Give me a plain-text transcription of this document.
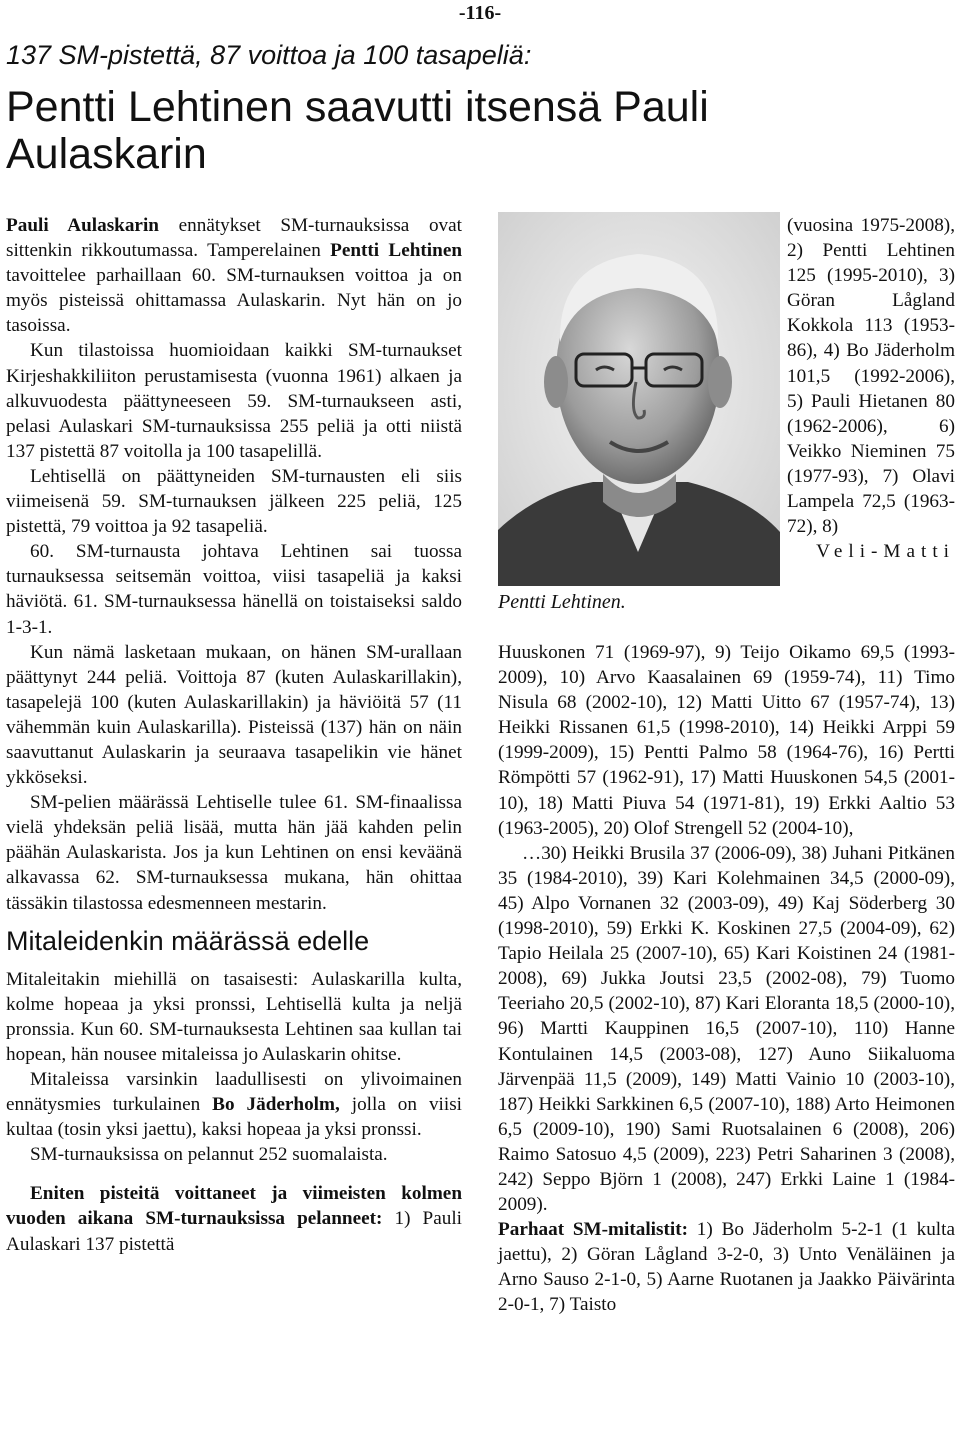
-116-
137 SM-pistettä, 87 voittoa ja 100 tasapeliä:
Pentti Lehtinen saavutti itsensä Pauli Aulaskarin

Pauli Aulaskarin ennätykset SM-turnauksissa ovat sittenkin rikkoutumassa. Tamperelainen Pentti Lehtinen tavoittelee parhaillaan 60. SM-turnauksen voittoa ja on myös pisteissä ohittamassa Aulaskarin. Nyt hän on jo tasoissa.

Kun tilastoissa huomioidaan kaikki SM-turnaukset Kirjeshakkiliiton perustamisesta (vuonna 1961) alkaen ja alkuvuodesta päättyneeseen 59. SM-turnaukseen asti, pelasi Aulaskari SM-turnauksissa 255 peliä ja otti niistä 137 pistettä 87 voitolla ja 100 tasapelillä.

Lehtisellä on päättyneiden SM-turnausten eli siis viimeisenä 59. SM-turnauksen jälkeen 225 peliä, 125 pistettä, 79 voittoa ja 92 tasapeliä.

60. SM-turnausta johtava Lehtinen sai tuossa turnauksessa seitsemän voittoa, viisi tasapeliä ja kaksi häviötä. 61. SM-turnauksessa hänellä on toistaiseksi saldo 1-3-1.

Kun nämä lasketaan mukaan, on hänen SM-urallaan päättynyt 244 peliä. Voittoja 87 (kuten Aulaskarillakin), tasapelejä 100 (kuten Aulaskarillakin) ja häviöitä 57 (11 vähemmän kuin Aulaskarilla). Pisteissä (137) hän on näin saavuttanut Aulaskarin ja seuraava tasapelikin vie hänet ykköseksi.

SM-pelien määrässä Lehtiselle tulee 61. SM-finaalissa vielä yhdeksän peliä lisää, mutta hän jää kahden pelin päähän Aulaskarista. Jos ja kun Lehtinen on ensi keväänä alkavassa 62. SM-turnauksessa mukana, hän ohittaa tässäkin tilastossa edesmenneen mestarin.

Mitaleidenkin määrässä edelle

Mitaleitakin miehillä on tasaisesti: Aulaskarilla kulta, kolme hopeaa ja yksi pronssi, Lehtisellä kulta ja neljä pronssia. Kun 60. SM-turnauksesta Lehtinen saa kullan tai hopean, hän nousee mitaleissa jo Aulaskarin ohitse.

Mitaleissa varsinkin laadullisesti on ylivoimainen ennätysmies turkulainen Bo Jäderholm, jolla on viisi kultaa (tosin yksi jaettu), kaksi hopeaa ja yksi pronssi.

SM-turnauksissa on pelannut 252 suomalaista.

Eniten pisteitä voittaneet ja viimeisten kolmen vuoden aikana SM-turnauksissa pelanneet: 1) Pauli Aulaskari 137 pistettä

Pentti Lehtinen.
(vuosina 1975-2008), 2) Pentti Lehtinen 125 (1995-2010), 3) Göran Lågland Kokkola 113 (1953-86), 4) Bo Jäderholm 101,5 (1992-2006), 5) Pauli Hietanen 80 (1962-2006), 6) Veikko Nieminen 75 (1977-93), 7) Olavi Lampela 72,5 (1963-72), 8)
Veli-Matti

Huuskonen 71 (1969-97), 9) Teijo Oikamo 69,5 (1993-2009), 10) Arvo Kaasalainen 69 (1959-74), 11) Timo Nisula 68 (2002-10), 12) Matti Uitto 67 (1957-74), 13) Heikki Rissanen 61,5 (1998-2010), 14) Heikki Arppi 59 (1999-2009), 15) Pentti Palmo 58 (1964-76), 16) Pertti Römpötti 57 (1962-91), 17) Matti Huuskonen 54,5 (2001-10), 18) Matti Piuva 54 (1971-81), 19) Erkki Aaltio 53 (1963-2005), 20) Olof Strengell 52 (2004-10),

…30) Heikki Brusila 37 (2006-09), 38) Juhani Pitkänen 35 (1984-2010), 39) Kari Kolehmainen 34,5 (2000-09), 45) Alpo Vornanen 32 (2003-09), 49) Kaj Söderberg 30 (1998-2010), 59) Erkki K. Koskinen 27,5 (2004-09), 62) Tapio Heilala 25 (2007-10), 65) Kari Koistinen 24 (1981-2008), 69) Jukka Joutsi 23,5 (2002-08), 79) Tuomo Teeriaho 20,5 (2002-10), 87) Kari Eloranta 18,5 (2000-10), 96) Martti Kauppinen 16,5 (2007-10), 110) Hanne Kontulainen 14,5 (2003-08), 127) Auno Siikaluoma Järvenpää 11,5 (2009), 149) Matti Vainio 10 (2003-10), 187) Heikki Sarkkinen 6,5 (2007-10), 188) Arto Heimonen 6,5 (2009-10), 190) Sami Ruotsalainen 6 (2008), 206) Raimo Satosuo 4,5 (2009), 223) Petri Saharinen 3 (2008), 242) Seppo Björn 1 (2008), 247) Erkki Laine 1 (1984-2009).

Parhaat SM-mitalistit: 1) Bo Jäderholm 5-2-1 (1 kulta jaettu), 2) Göran Lågland 3-2-0, 3) Unto Venäläinen ja Arno Sauso 2-1-0, 5) Aarne Ruotanen ja Jaakko Päivärinta 2-0-1, 7) Taisto
